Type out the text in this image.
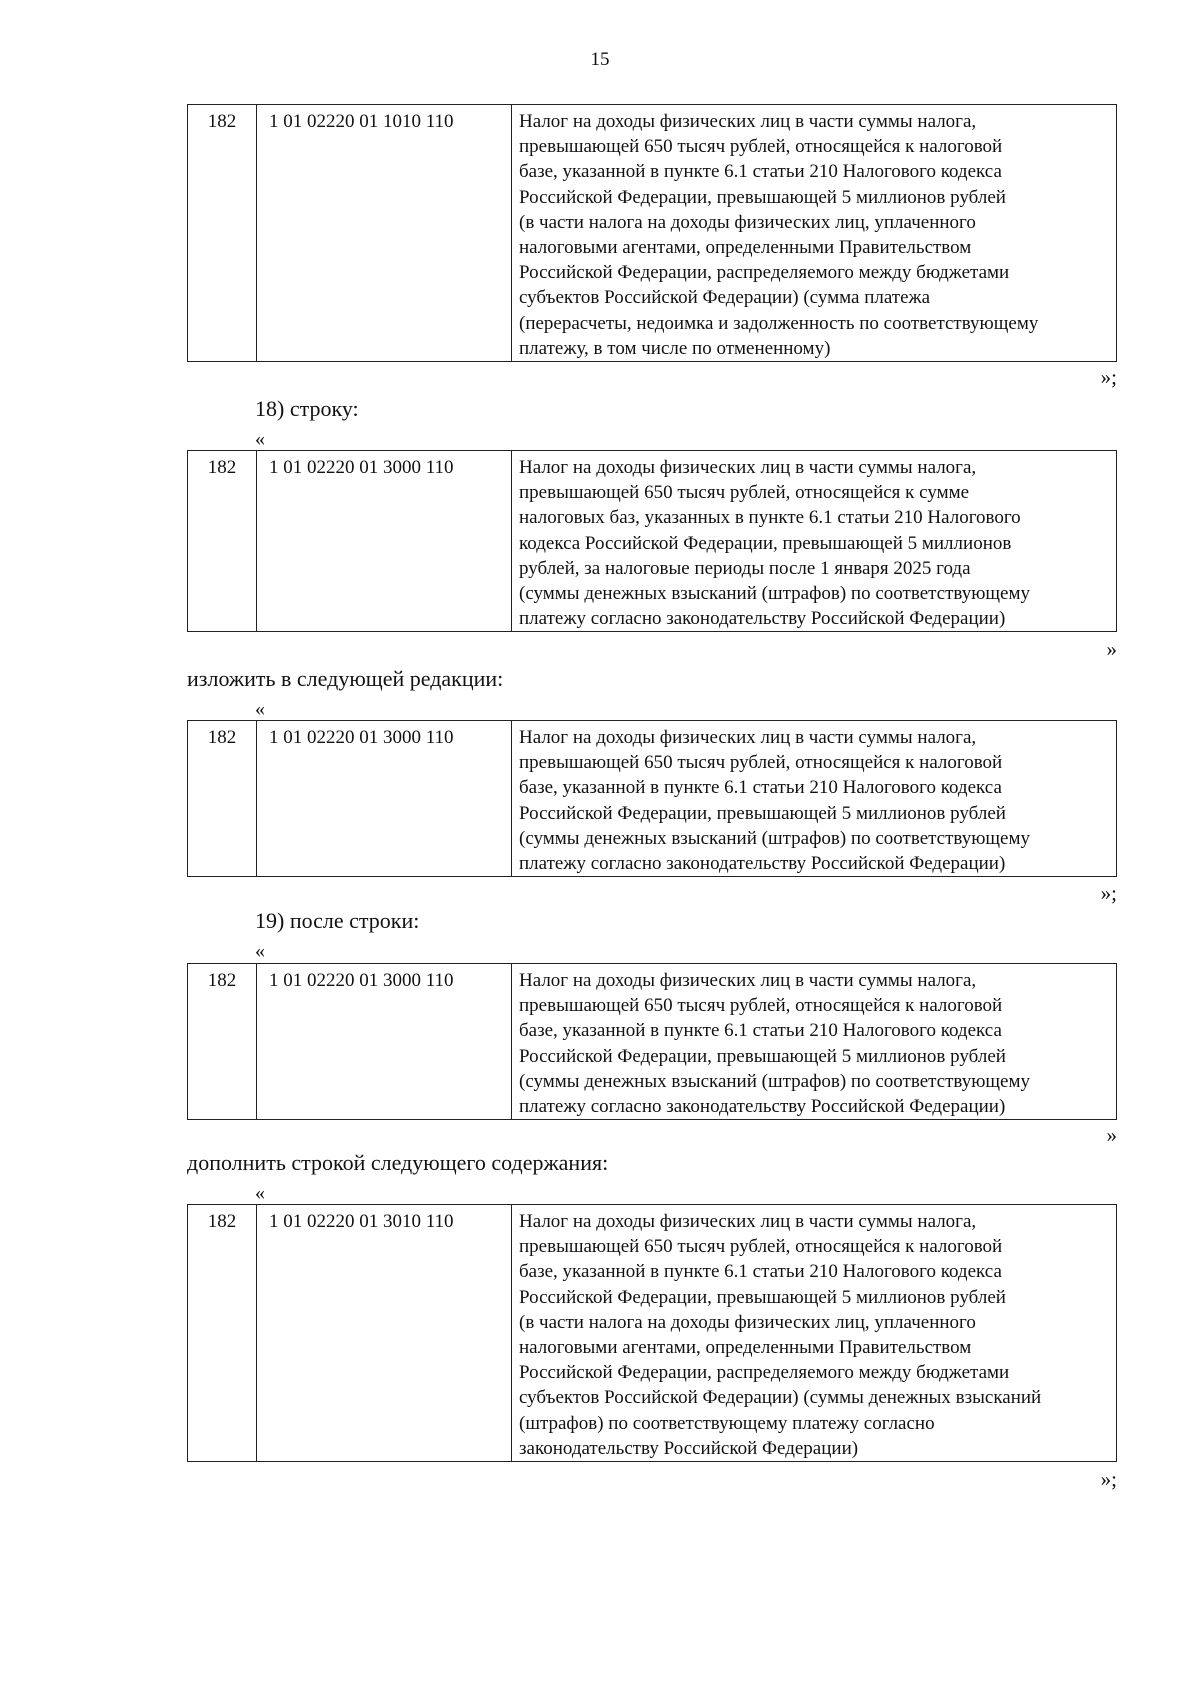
15
182	1 01 02220 01 1010 110	Налог на доходы физических лиц в части суммы налога,
превышающей 650 тысяч рублей, относящейся к налоговой
базе, указанной в пункте 6.1 статьи 210 Налогового кодекса
Российской Федерации, превышающей 5 миллионов рублей
(в части налога на доходы физических лиц, уплаченного
налоговыми агентами, определенными Правительством
Российской Федерации, распределяемого между бюджетами
субъектов Российской Федерации) (сумма платежа
(перерасчеты, недоимка и задолженность по соответствующему
платежу, в том числе по отмененному)
»;
18) строку:
«
182	1 01 02220 01 3000 110	Налог на доходы физических лиц в части суммы налога,
превышающей 650 тысяч рублей, относящейся к сумме
налоговых баз, указанных в пункте 6.1 статьи 210 Налогового
кодекса Российской Федерации, превышающей 5 миллионов
рублей, за налоговые периоды после 1 января 2025 года
(суммы денежных взысканий (штрафов) по соответствующему
платежу согласно законодательству Российской Федерации)
»
изложить в следующей редакции:
«
182	1 01 02220 01 3000 110	Налог на доходы физических лиц в части суммы налога,
превышающей 650 тысяч рублей, относящейся к налоговой
базе, указанной в пункте 6.1 статьи 210 Налогового кодекса
Российской Федерации, превышающей 5 миллионов рублей
(суммы денежных взысканий (штрафов) по соответствующему
платежу согласно законодательству Российской Федерации)
»;
19) после строки:
«
182	1 01 02220 01 3000 110	Налог на доходы физических лиц в части суммы налога,
превышающей 650 тысяч рублей, относящейся к налоговой
базе, указанной в пункте 6.1 статьи 210 Налогового кодекса
Российской Федерации, превышающей 5 миллионов рублей
(суммы денежных взысканий (штрафов) по соответствующему
платежу согласно законодательству Российской Федерации)
»
дополнить строкой следующего содержания:
«
182	1 01 02220 01 3010 110	Налог на доходы физических лиц в части суммы налога,
превышающей 650 тысяч рублей, относящейся к налоговой
базе, указанной в пункте 6.1 статьи 210 Налогового кодекса
Российской Федерации, превышающей 5 миллионов рублей
(в части налога на доходы физических лиц, уплаченного
налоговыми агентами, определенными Правительством
Российской Федерации, распределяемого между бюджетами
субъектов Российской Федерации) (суммы денежных взысканий
(штрафов) по соответствующему платежу согласно
законодательству Российской Федерации)
»;
